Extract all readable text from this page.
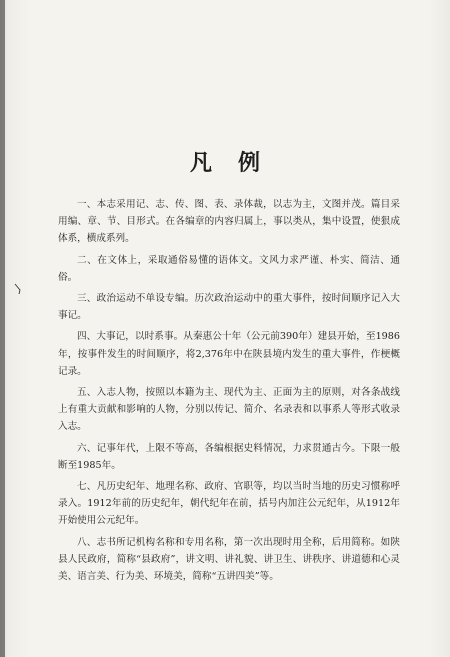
凡例

一、本志采用记、志、传、图、表、录体裁，以志为主，文图并茂。篇目采用编、章、节、目形式。在各编章的内容归属上，事以类从，集中设置，使狠成体系，横成系列。

二、在文体上，采取通俗易懂的语体文。文风力求严谨、朴实、简洁、通俗。

三、政治运动不单设专编。历次政治运动中的重大事件，按时间顺序记入大事记。

四、大事记，以时系事。从秦惠公十年（公元前390年）建县开始，至1986年，按事件发生的时间顺序，将2,376年中在陕县境内发生的重大事件，作梗概记录。

五、入志人物，按照以本籍为主、现代为主、正面为主的原则，对各条战线上有重大贡献和影响的人物，分别以传记、简介、名录表和以事系人等形式收录入志。

六、记事年代，上限不等高，各编根据史料情况，力求贯通古今。下限一般断至1985年。

七、凡历史纪年、地理名称、政府、官职等，均以当时当地的历史习惯称呼录入。1912年前的历史纪年，朝代纪年在前，括号内加注公元纪年，从1912年开始使用公元纪年。

八、志书所记机构名称和专用名称，第一次出现时用全称，后用简称。如陕县人民政府，简称“县政府”，讲文明、讲礼貌、讲卫生、讲秩序、讲道德和心灵美、语言美、行为美、环境美，简称“五讲四美”等。
